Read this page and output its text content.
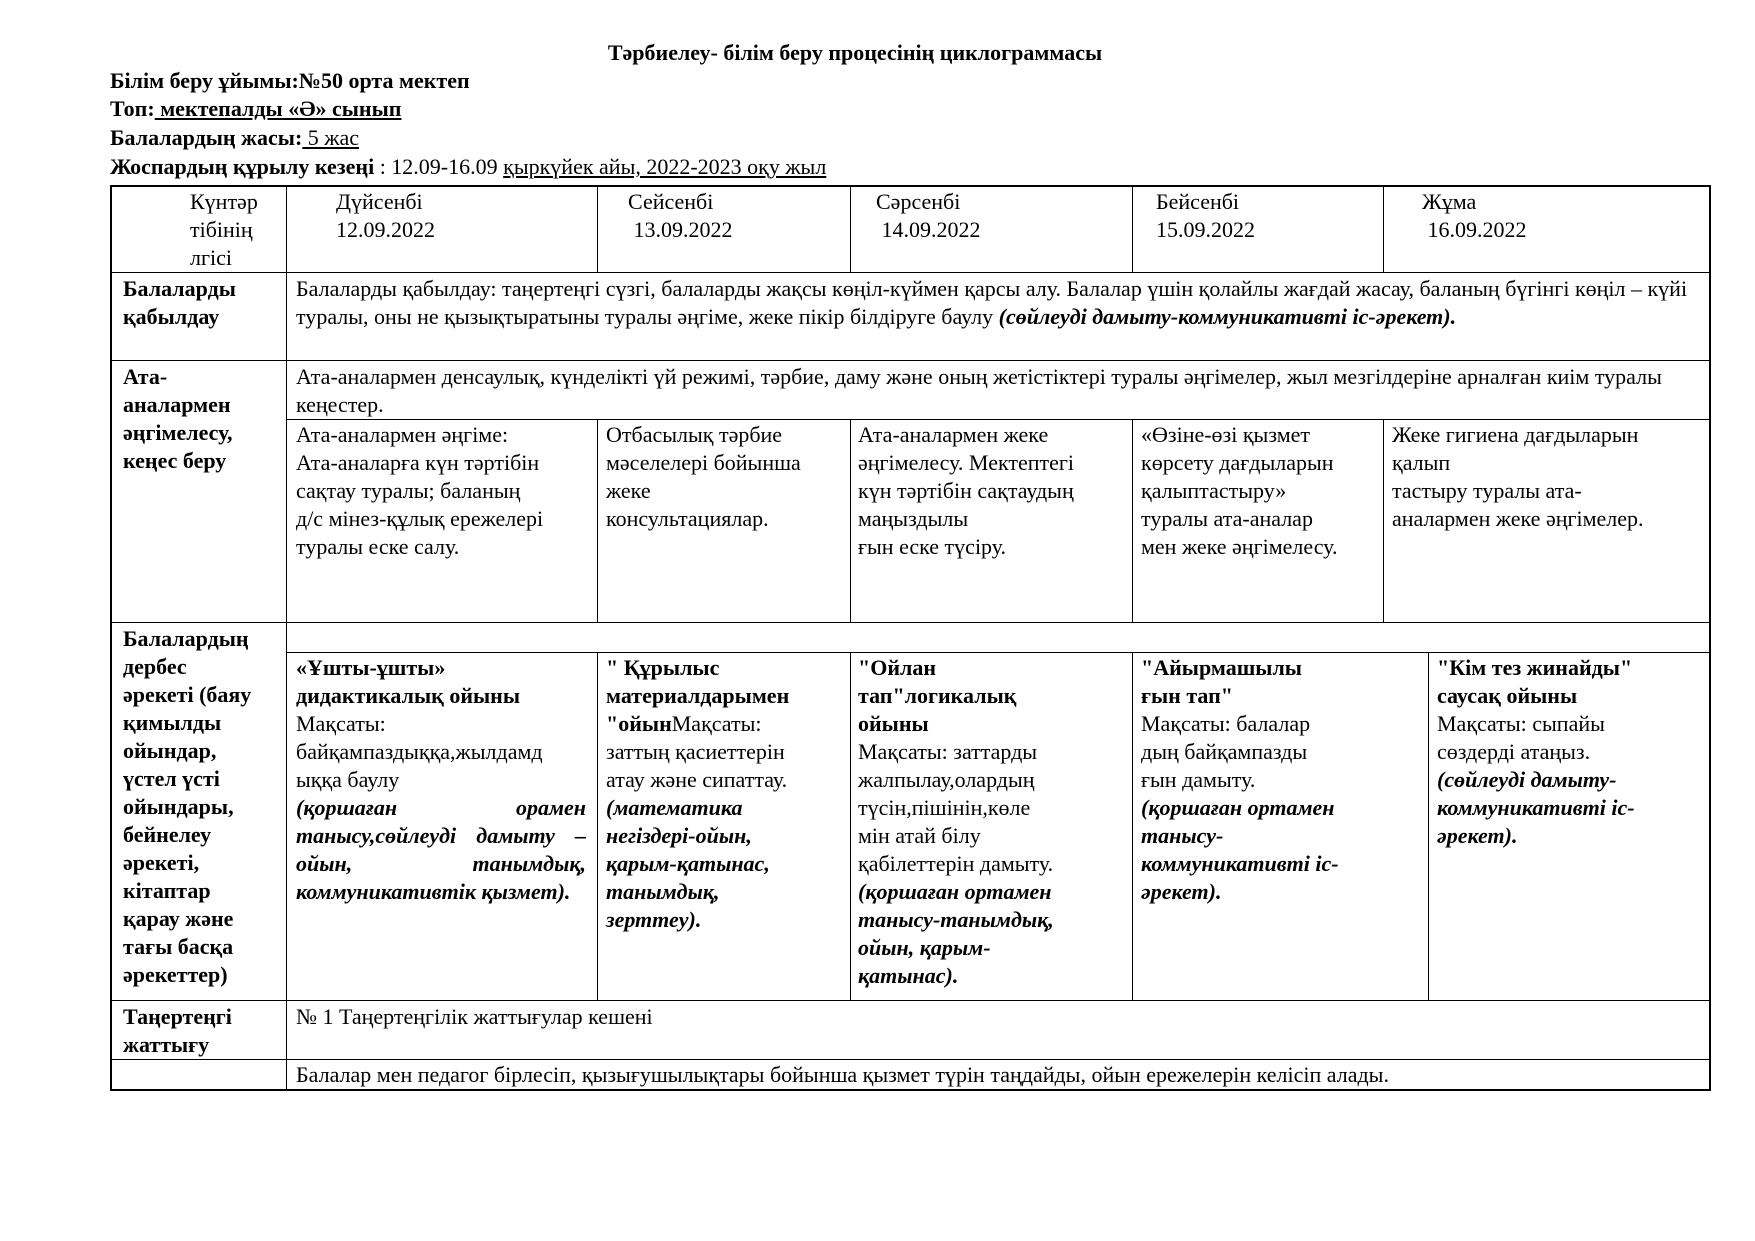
Тәрбиелеу- білім беру процесінің циклограммасы
Білім беру ұйымы:№50 орта мектеп
Топ: мектепалды «Ә» сынып
Балалардың жасы: 5 жас
Жоспардың құрылу кезеңі : 12.09-16.09 қыркүйек айы, 2022-2023 оқу жыл
Күнтәр
тібінің
лгісі
Дүйсенбі
12.09.2022
Сейсенбі
13.09.2022
Сәрсенбі
14.09.2022
Бейсенбі
15.09.2022
Жұма
16.09.2022
Балаларды
қабылдау
Балаларды қабылдау: таңертеңгі сүзгі, балаларды жақсы көңіл-күймен қарсы алу. Балалар үшін қолайлы жағдай жасау, баланың бүгінгі көңіл – күйі туралы, оны не қызықтыратыны туралы әңгіме, жеке пікір білдіруге баулу (сөйлеуді дамыту-коммуникативті іс-әрекет).
Ата-
аналармен
әңгімелесу,
кеңес беру
Ата-аналармен денсаулық, күнделікті үй режимі, тәрбие, даму және оның жетістіктері туралы әңгімелер, жыл мезгілдеріне арналған киім туралы кеңестер.
Ата-аналармен әңгіме:
Ата-аналарға күн тәртібін
сақтау туралы; баланың
д/с мінез-құлық ережелері
туралы еске салу.
Отбасылық тәрбие
мәселелері бойынша
жеке
консультациялар.
Ата-аналармен жеке
әңгімелесу. Мектептегі
күн тәртібін сақтаудың
маңыздылы
ғын еске түсіру.
«Өзіне-өзі қызмет
көрсету дағдыларын
қалыптастыру»
туралы ата-аналар
мен жеке әңгімелесу.
Жеке гигиена дағдыларын
қалып
тастыру туралы ата-
аналармен жеке әңгімелер.
Балалардың
дербес
әрекеті (баяу
қимылды
ойындар,
үстел үсті
ойындары,
бейнелеу
әрекеті,
кітаптар
қарау және
тағы басқа
әрекеттер)
«Ұшты-ұшты»
дидактикалық ойыны
Мақсаты:
байқампаздыққа,жылдамд
ыққа баулу

(қоршаған орамен танысу,сөйлеуді дамыту – ойын, танымдық, коммуникативтік қызмет).
" Құрылыс
материалдарымен
"ойынМақсаты:
заттың қасиеттерін
атау және сипаттау.
(математика
негіздері-ойын,
қарым-қатынас,
танымдық,
зерттеу).
"Ойлан
тап"логикалық
ойыны
Мақсаты: заттарды
жалпылау,олардың
түсін,пішінін,көле
мін атай білу
қабілеттерін дамыту.
(қоршаған ортамен
танысу-танымдық,
ойын, қарым-
қатынас).
"Айырмашылы
ғын тап"
Мақсаты: балалар
дың байқампазды
ғын дамыту.
(қоршаған ортамен
танысу-
коммуникативті іс-
әрекет).
"Кім тез жинайды"
саусақ ойыны
Мақсаты: сыпайы
сөздерді атаңыз.
(сөйлеуді дамыту-
коммуникативті іс-
әрекет).
Таңертеңгі
жаттығу
№ 1 Таңертеңгілік жаттығулар кешені
Балалар мен педагог бірлесіп, қызығушылықтары бойынша қызмет түрін таңдайды, ойын ережелерін келісіп алады.
